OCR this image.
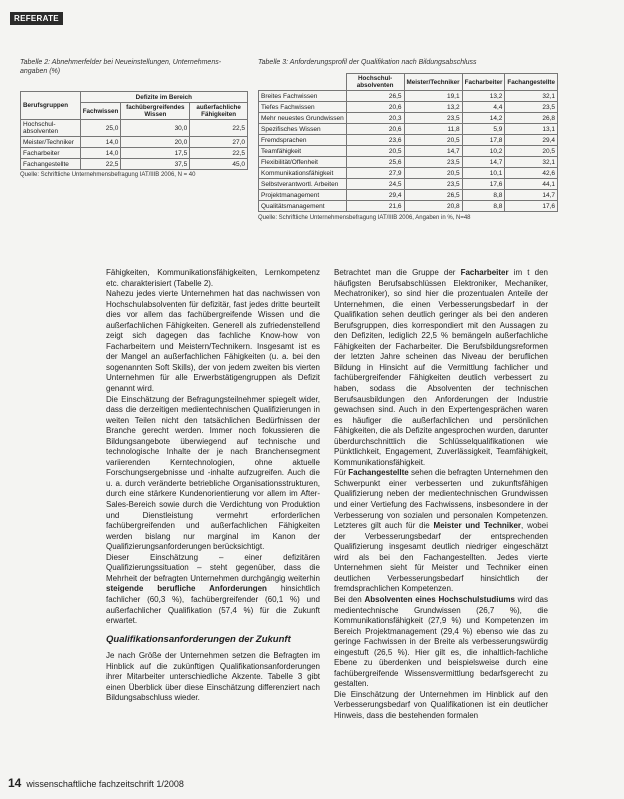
REFERATE
Tabelle 2: Abnehmerfelder bei Neueinstellungen, Unternehmens-angaben (%)
Berufsgruppen	Defizite im Bereich		
	Fachwissen	fachübergreifendes Wissen	außerfachliche Fähigkeiten
Hochschul-absolventen	25,0	30,0	22,5
Meister/Techniker	14,0	20,0	27,0
Facharbeiter	14,0	17,5	22,5
Fachangestellte	22,5	37,5	45,0
Quelle: Schriftliche Unternehmensbefragung IAT/IIIB 2006, N = 40
Tabelle 3: Anforderungsprofil der Qualifikation nach Bildungsabschluss
	Hochschul-absolventen	Meister/Techniker	Facharbeiter	Fachangestellte
Breites Fachwissen	26,5	19,1	13,2	32,1
Tiefes Fachwissen	20,6	13,2	4,4	23,5
Mehr neuestes Grundwissen	20,3	23,5	14,2	26,8
Spezifisches Wissen	20,6	11,8	5,9	13,1
Fremdsprachen	23,6	20,5	17,8	29,4
Teamfähigkeit	20,5	14,7	10,2	20,5
Flexibilität/Offenheit	25,6	23,5	14,7	32,1
Kommunikationsfähigkeit	27,9	20,5	10,1	42,6
Selbstverantwortl. Arbeiten	24,5	23,5	17,6	44,1
Projektmanagement	29,4	26,5	8,8	14,7
Qualitätsmanagement	21,6	20,8	8,8	17,6
Quelle: Schriftliche Unternehmensbefragung IAT/IIIB 2006, Angaben in %, N=48

Fähigkeiten, Kommunikationsfähigkeiten, Lernkompetenz etc. charakterisiert (Tabelle 2).

Nahezu jedes vierte Unternehmen hat das nachwissen von Hochschulabsolventen für defizitär, fast jedes dritte beurteilt dies vor allem das fachübergreifende Wissen und die außerfachlichen Fähigkeiten. Generell als zufriedenstellend zeigt sich dagegen das fachliche Know-how von Facharbeitern und Meistern/Technikern. Insgesamt ist es der Mangel an außerfachlichen Fähigkeiten (u. a. bei den sogenannten Soft Skills), der von jedem zweiten bis vierten Unternehmen für alle Erwerbstätigengruppen als Defizit genannt wird.

Die Einschätzung der Befragungsteilnehmer spiegelt wider, dass die derzeitigen medientechnischen Qualifizierungen in weiten Teilen nicht den tatsächlichen Bedürfnissen der Branche gerecht werden. Immer noch fokussieren die Bildungsangebote überwiegend auf technische und technologische Inhalte der je nach Branchensegment variierenden Kerntechnologien, ohne aktuelle Forschungsergebnisse und -inhalte aufzugreifen. Auch die u. a. durch veränderte betriebliche Organisationsstrukturen, durch eine stärkere Kundenorientierung vor allem im After-Sales-Bereich sowie durch die Verdichtung von Produktion und Dienstleistung vermehrt erforderlichen fachübergreifenden und außerfachlichen Fähigkeiten werden bislang nur marginal im Kanon der Qualifizierungsanforderungen berücksichtigt.

Dieser Einschätzung – einer defizitären Qualifizierungssituation – steht gegenüber, dass die Mehrheit der befragten Unternehmen durchgängig weiterhin steigende berufliche Anforderungen hinsichtlich fachlicher (60,3 %), fachübergreifender (60,1 %) und außerfachlicher Qualifikation (57,4 %) für die Zukunft erwartet.

Qualifikationsanforderungen der Zukunft

Je nach Größe der Unternehmen setzen die Befragten im Hinblick auf die zukünftigen Qualifikationsanforderungen ihrer Mitarbeiter unterschiedliche Akzente. Tabelle 3 gibt einen Überblick über diese Einschätzung differenziert nach Bildungsabschluss wieder.

Betrachtet man die Gruppe der Facharbeiter im t den häufigsten Berufsabschlüssen Elektroniker, Mechaniker, Mechatroniker), so sind hier die prozentualen Anteile der Unternehmen, die einen Verbesserungsbedarf in der Qualifikation sehen deutlich geringer als bei den anderen Berufsgruppen, dies korrespondiert mit den Aussagen zu den Defiziten, lediglich 22,5 % bemängeln außerfachliche Fähigkeiten der Facharbeiter. Die Berufsbildungsreformen der letzten Jahre scheinen das Niveau der beruflichen Bildung in Hinsicht auf die Vermittlung fachlicher und fachübergreifender Fähigkeiten deutlich verbessert zu haben, sodass die Absolventen der technischen Berufsausbildungen den Anforderungen der Industrie gewachsen sind. Auch in den Expertengesprächen waren es häufiger die außerfachlichen und persönlichen Fähigkeiten, die als Defizite angesprochen wurden, darunter überdurchschnittlich die Schlüsselqualifikationen wie Pünktlichkeit, Engagement, Zuverlässigkeit, Teamfähigkeit, Kommunikationsfähigkeit.

Für Fachangestellte sehen die befragten Unternehmen den Schwerpunkt einer verbesserten und zukunftsfähigen Qualifizierung neben der medientechnischen Grundwissen und einer Vertiefung des Fachwissens, insbesondere in der Verbesserung von sozialen und personalen Kompetenzen. Letzteres gilt auch für die Meister und Techniker, wobei der Verbesserungsbedarf der entsprechenden Qualifizierung insgesamt deutlich niedriger eingeschätzt wird als bei den Fachangestellten. Jedes vierte Unternehmen sieht für Meister und Techniker einen deutlichen Verbesserungsbedarf hinsichtlich der fremdsprachlichen Kompetenzen.

Bei den Absolventen eines Hochschulstudiums wird das medientechnische Grundwissen (26,7 %), die Kommunikationsfähigkeit (27,9 %) und Kompetenzen im Bereich Projektmanagement (29,4 %) ebenso wie das zu geringe Fachwissen in der Breite als verbesserungswürdig eingestuft (26,5 %). Hier gilt es, die inhaltlich-fachliche Ebene zu überdenken und beispielsweise durch eine fachübergreifende Wissensvermittlung bedarfsgerecht zu gestalten.

Die Einschätzung der Unternehmen im Hinblick auf den Verbesserungsbedarf von Qualifikationen ist ein deutlicher Hinweis, dass die bestehenden formalen

14 wissenschaftliche fachzeitschrift 1/2008
